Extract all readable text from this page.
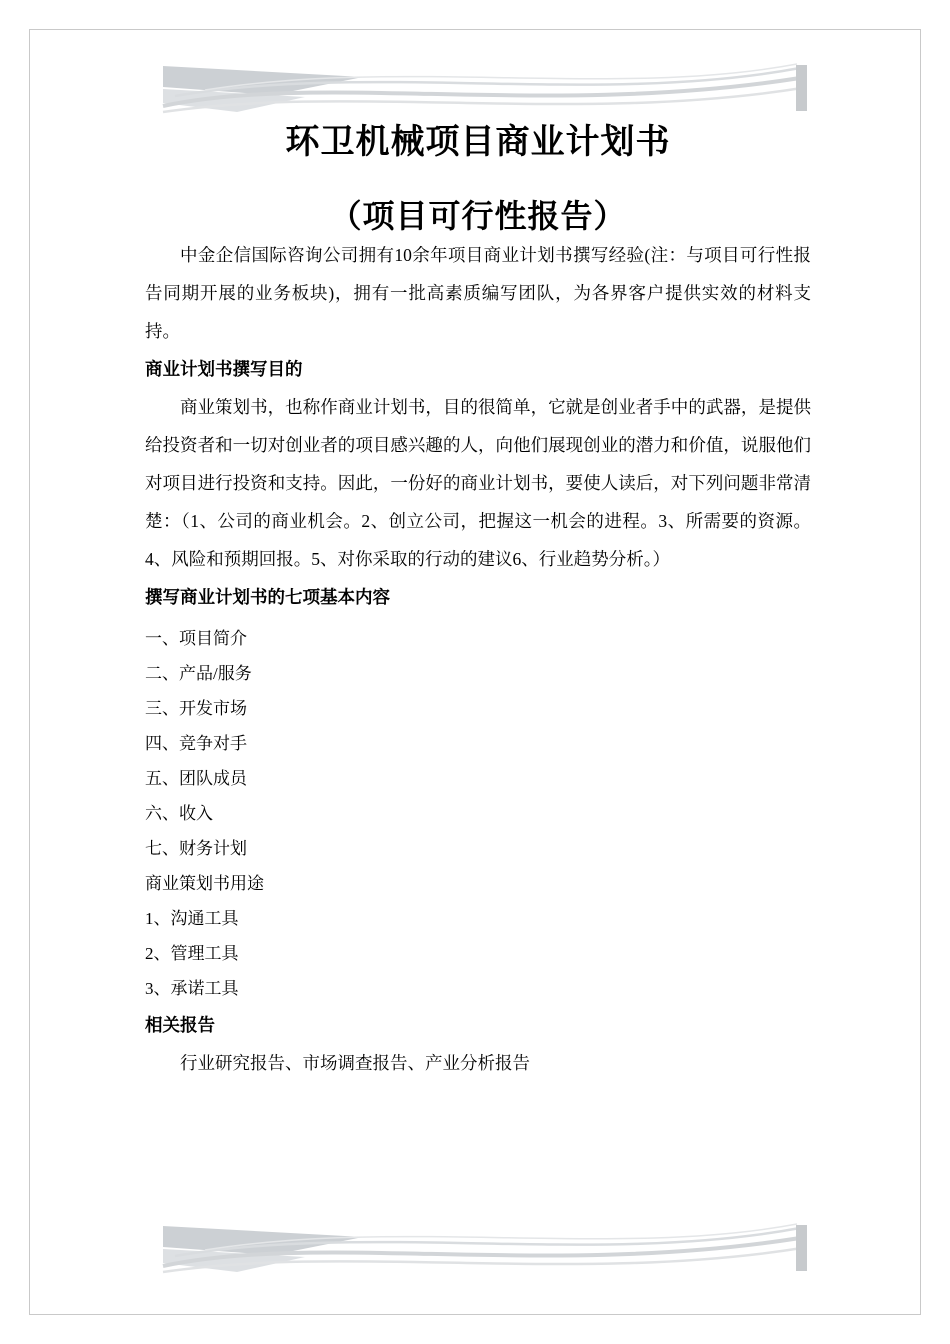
环卫机械项目商业计划书
（项目可行性报告）

中金企信国际咨询公司拥有10余年项目商业计划书撰写经验(注：与项目可行性报告同期开展的业务板块)，拥有一批高素质编写团队，为各界客户提供实效的材料支持。

商业计划书撰写目的

商业策划书，也称作商业计划书，目的很简单，它就是创业者手中的武器，是提供给投资者和一切对创业者的项目感兴趣的人，向他们展现创业的潜力和价值，说服他们对项目进行投资和支持。因此，一份好的商业计划书，要使人读后，对下列问题非常清楚：（1、公司的商业机会。2、创立公司，把握这一机会的进程。3、所需要的资源。4、风险和预期回报。5、对你采取的行动的建议6、行业趋势分析。）

撰写商业计划书的七项基本内容
一、项目简介
二、产品/服务
三、开发市场
四、竞争对手
五、团队成员
六、收入
七、财务计划
商业策划书用途
1、沟通工具
2、管理工具
3、承诺工具
相关报告

行业研究报告、市场调查报告、产业分析报告
